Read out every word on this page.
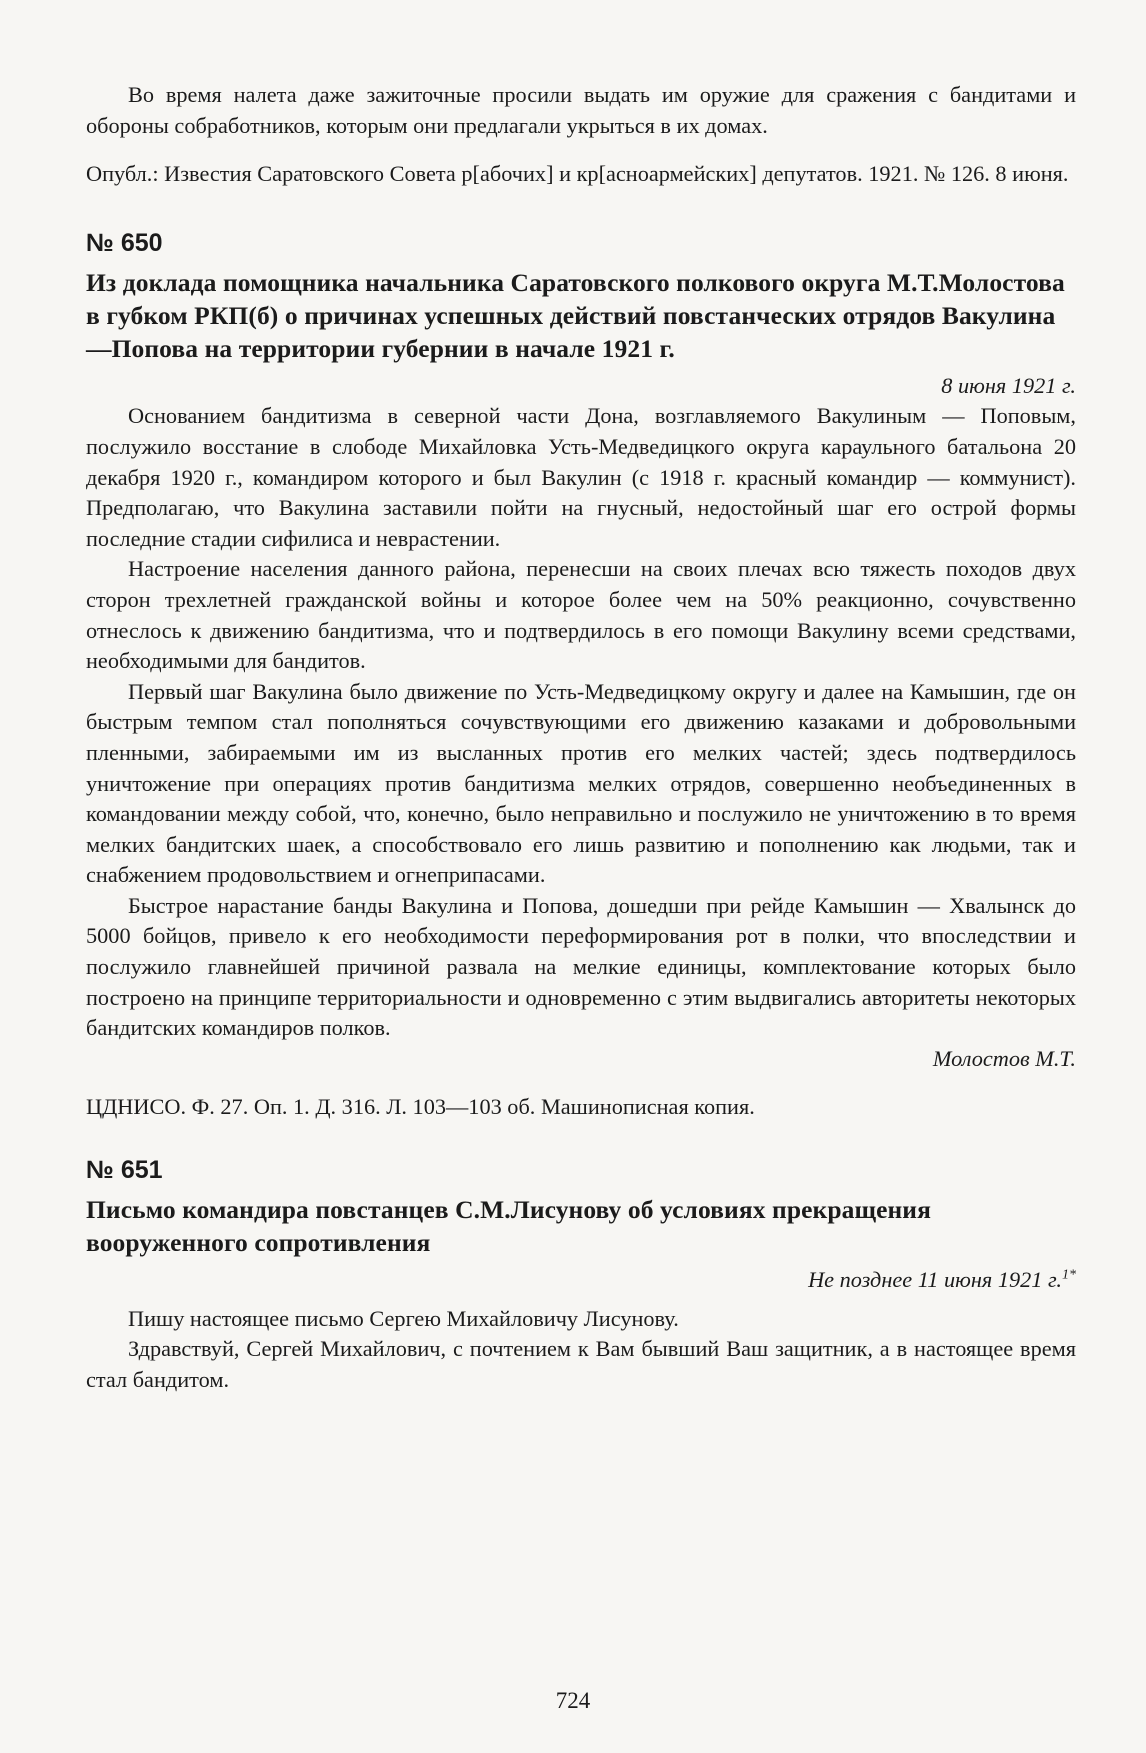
Во время налета даже зажиточные просили выдать им оружие для сражения с бандитами и обороны собработников, которым они предлагали укрыться в их домах.

Опубл.: Известия Саратовского Совета р[абочих] и кр[асноармейских] депутатов. 1921. № 126. 8 июня.

№ 650
Из доклада помощника начальника Саратовского полкового округа М.Т.Молостова в губком РКП(б) о причинах успешных действий повстанческих отрядов Вакулина—Попова на территории губернии в начале 1921 г.
8 июня 1921 г.

Основанием бандитизма в северной части Дона, возглавляемого Вакулиным — Поповым, послужило восстание в слободе Михайловка Усть-Медведицкого округа караульного батальона 20 декабря 1920 г., командиром которого и был Вакулин (с 1918 г. красный командир — коммунист). Предполагаю, что Вакулина заставили пойти на гнусный, недостойный шаг его острой формы последние стадии сифилиса и неврастении.

Настроение населения данного района, перенесши на своих плечах всю тяжесть походов двух сторон трехлетней гражданской войны и которое более чем на 50% реакционно, сочувственно отнеслось к движению бандитизма, что и подтвердилось в его помощи Вакулину всеми средствами, необходимыми для бандитов.

Первый шаг Вакулина было движение по Усть-Медведицкому округу и далее на Камышин, где он быстрым темпом стал пополняться сочувствующими его движению казаками и добровольными пленными, забираемыми им из высланных против его мелких частей; здесь подтвердилось уничтожение при операциях против бандитизма мелких отрядов, совершенно необъединенных в командовании между собой, что, конечно, было неправильно и послужило не уничтожению в то время мелких бандитских шаек, а способствовало его лишь развитию и пополнению как людьми, так и снабжением продовольствием и огнеприпасами.

Быстрое нарастание банды Вакулина и Попова, дошедши при рейде Камышин — Хвалынск до 5000 бойцов, привело к его необходимости переформирования рот в полки, что впоследствии и послужило главнейшей причиной развала на мелкие единицы, комплектование которых было построено на принципе территориальности и одновременно с этим выдвигались авторитеты некоторых бандитских командиров полков.

Молостов М.Т.

ЦДНИСО. Ф. 27. Оп. 1. Д. 316. Л. 103—103 об. Машинописная копия.

№ 651
Письмо командира повстанцев С.М.Лисунову об условиях прекращения вооруженного сопротивления
Не позднее 11 июня 1921 г.$^{1*}$

Пишу настоящее письмо Сергею Михайловичу Лисунову.

Здравствуй, Сергей Михайлович, с почтением к Вам бывший Ваш защитник, а в настоящее время стал бандитом.

724
